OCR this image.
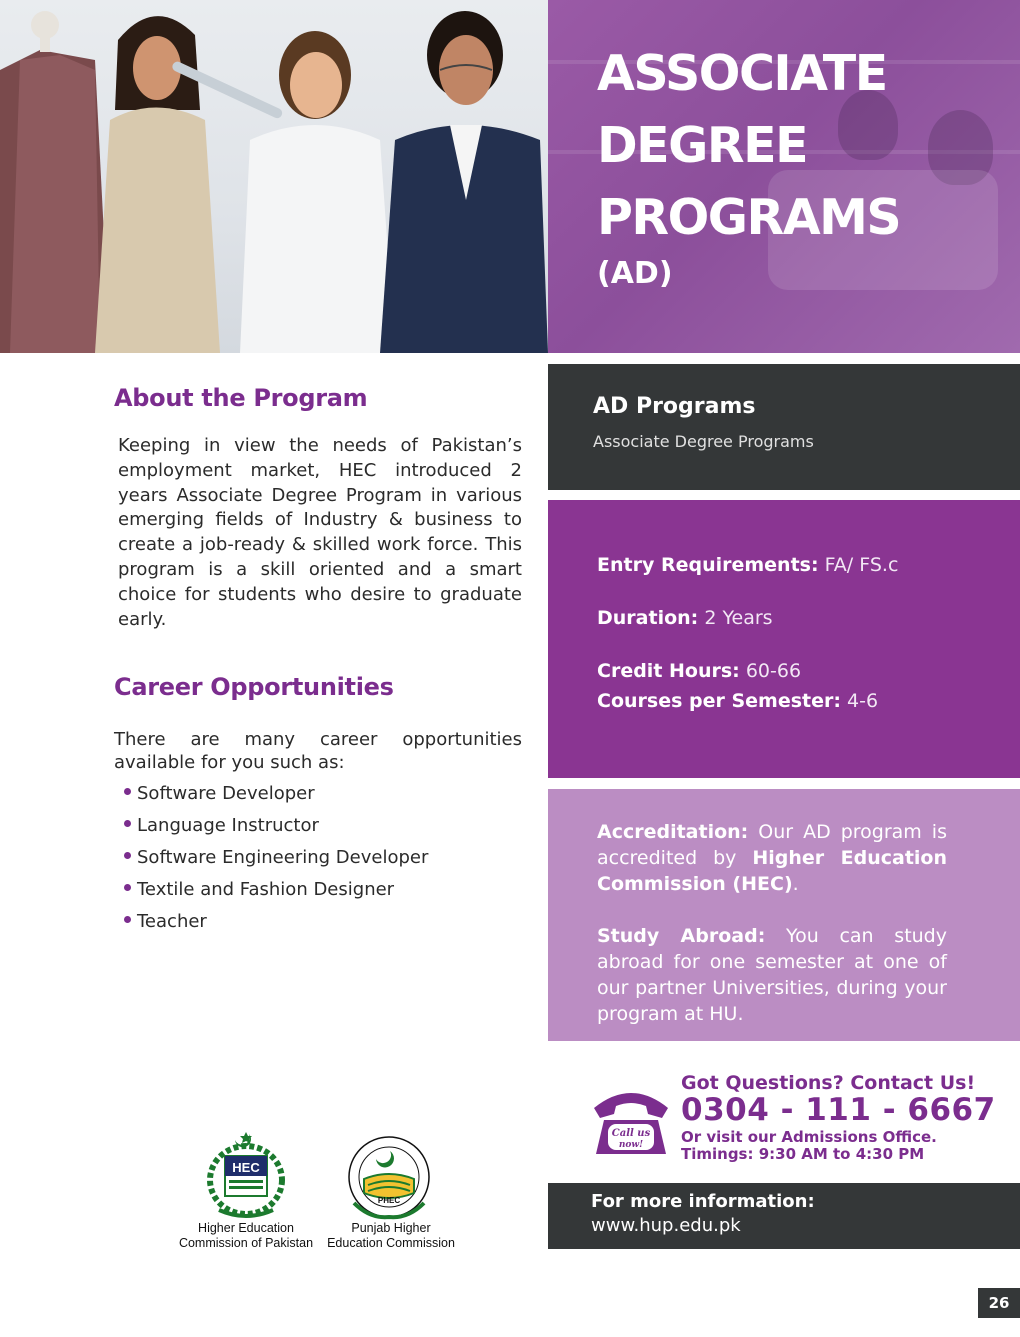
ASSOCIATE
DEGREE
PROGRAMS
(AD)
About the Program
Keeping in view the needs of Pakistan’s employment market, HEC introduced 2 years Associate Degree Program in various emerging fields of Industry & business to create a job-ready & skilled work force. This program is a skill oriented and a smart choice for students who desire to graduate early.
Career Opportunities
There are many career opportunities available for you such as:
Software Developer
Language Instructor
Software Engineering Developer
Textile and Fashion Designer
Teacher
AD Programs
Associate Degree Programs
Entry Requirements: FA/ FS.c
Duration: 2 Years
Credit Hours: 60-66
Courses per Semester: 4-6
Accreditation: Our AD program is accredited by Higher Education Commission (HEC).
Study Abroad: You can study abroad for one semester at one of our partner Universities, during your program at HU.
Call us
now!
Got Questions? Contact Us!
0304 - 111 - 6667
Or visit our Admissions Office.
Timings: 9:30 AM to 4:30 PM
For more information:
www.hup.edu.pk
HEC
Higher Education
Commission of Pakistan
PHEC
Punjab Higher
Education Commission
26
